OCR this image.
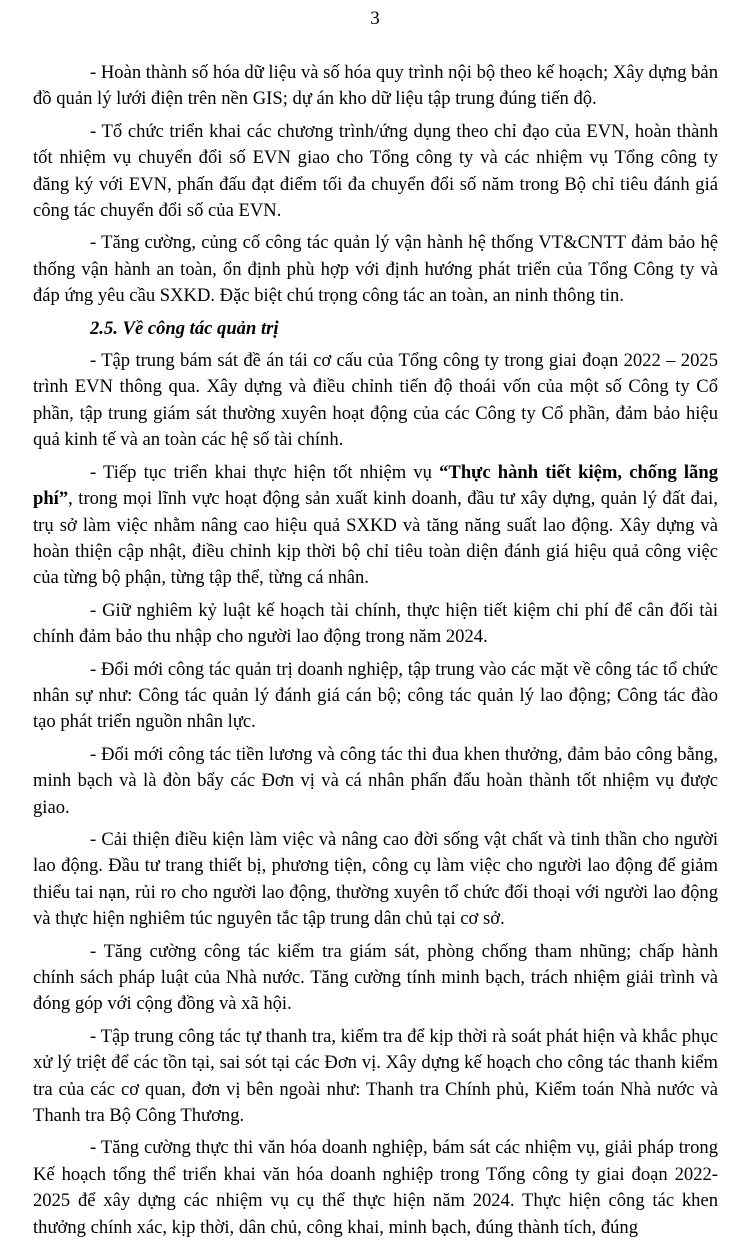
3

- Hoàn thành số hóa dữ liệu và số hóa quy trình nội bộ theo kế hoạch; Xây dựng bản đồ quản lý lưới điện trên nền GIS; dự án kho dữ liệu tập trung đúng tiến độ.

- Tổ chức triển khai các chương trình/ứng dụng theo chỉ đạo của EVN, hoàn thành tốt nhiệm vụ chuyển đổi số EVN giao cho Tổng công ty và các nhiệm vụ Tổng công ty đăng ký với EVN, phấn đấu đạt điểm tối đa chuyển đổi số năm trong Bộ chỉ tiêu đánh giá công tác chuyển đổi số của EVN.

- Tăng cường, củng cố công tác quản lý vận hành hệ thống VT&CNTT đảm bảo hệ thống vận hành an toàn, ổn định phù hợp với định hướng phát triển của Tổng Công ty và đáp ứng yêu cầu SXKD. Đặc biệt chú trọng công tác an toàn, an ninh thông tin.

2.5. Về công tác quản trị

- Tập trung bám sát đề án tái cơ cấu của Tổng công ty trong giai đoạn 2022 – 2025 trình EVN thông qua. Xây dựng và điều chỉnh tiến độ thoái vốn của một số Công ty Cổ phần, tập trung giám sát thường xuyên hoạt động của các Công ty Cổ phần, đảm bảo hiệu quả kinh tế và an toàn các hệ số tài chính.

- Tiếp tục triển khai thực hiện tốt nhiệm vụ “Thực hành tiết kiệm, chống lãng phí”, trong mọi lĩnh vực hoạt động sản xuất kinh doanh, đầu tư xây dựng, quản lý đất đai, trụ sở làm việc nhằm nâng cao hiệu quả SXKD và tăng năng suất lao động. Xây dựng và hoàn thiện cập nhật, điều chỉnh kịp thời bộ chỉ tiêu toàn diện đánh giá hiệu quả công việc của từng bộ phận, từng tập thể, từng cá nhân.

- Giữ nghiêm kỷ luật kế hoạch tài chính, thực hiện tiết kiệm chi phí để cân đối tài chính đảm bảo thu nhập cho người lao động trong năm 2024.

- Đổi mới công tác quản trị doanh nghiệp, tập trung vào các mặt về công tác tổ chức nhân sự như: Công tác quản lý đánh giá cán bộ; công tác quản lý lao động; Công tác đào tạo phát triển nguồn nhân lực.

- Đổi mới công tác tiền lương và công tác thi đua khen thưởng, đảm bảo công bằng, minh bạch và là đòn bẩy các Đơn vị và cá nhân phấn đấu hoàn thành tốt nhiệm vụ được giao.

- Cải thiện điều kiện làm việc và nâng cao đời sống vật chất và tinh thần cho người lao động. Đầu tư trang thiết bị, phương tiện, công cụ làm việc cho người lao động để giảm thiểu tai nạn, rủi ro cho người lao động, thường xuyên tổ chức đối thoại với người lao động và thực hiện nghiêm túc nguyên tắc tập trung dân chủ tại cơ sở.

- Tăng cường công tác kiểm tra giám sát, phòng chống tham nhũng; chấp hành chính sách pháp luật của Nhà nước. Tăng cường tính minh bạch, trách nhiệm giải trình và đóng góp với cộng đồng và xã hội.

- Tập trung công tác tự thanh tra, kiểm tra để kịp thời rà soát phát hiện và khắc phục xử lý triệt để các tồn tại, sai sót tại các Đơn vị. Xây dựng kế hoạch cho công tác thanh kiểm tra của các cơ quan, đơn vị bên ngoài như: Thanh tra Chính phủ, Kiểm toán Nhà nước và Thanh tra Bộ Công Thương.

- Tăng cường thực thi văn hóa doanh nghiệp, bám sát các nhiệm vụ, giải pháp trong Kế hoạch tổng thể triển khai văn hóa doanh nghiệp trong Tổng công ty giai đoạn 2022-2025 để xây dựng các nhiệm vụ cụ thể thực hiện năm 2024. Thực hiện công tác khen thưởng chính xác, kịp thời, dân chủ, công khai, minh bạch, đúng thành tích, đúng
